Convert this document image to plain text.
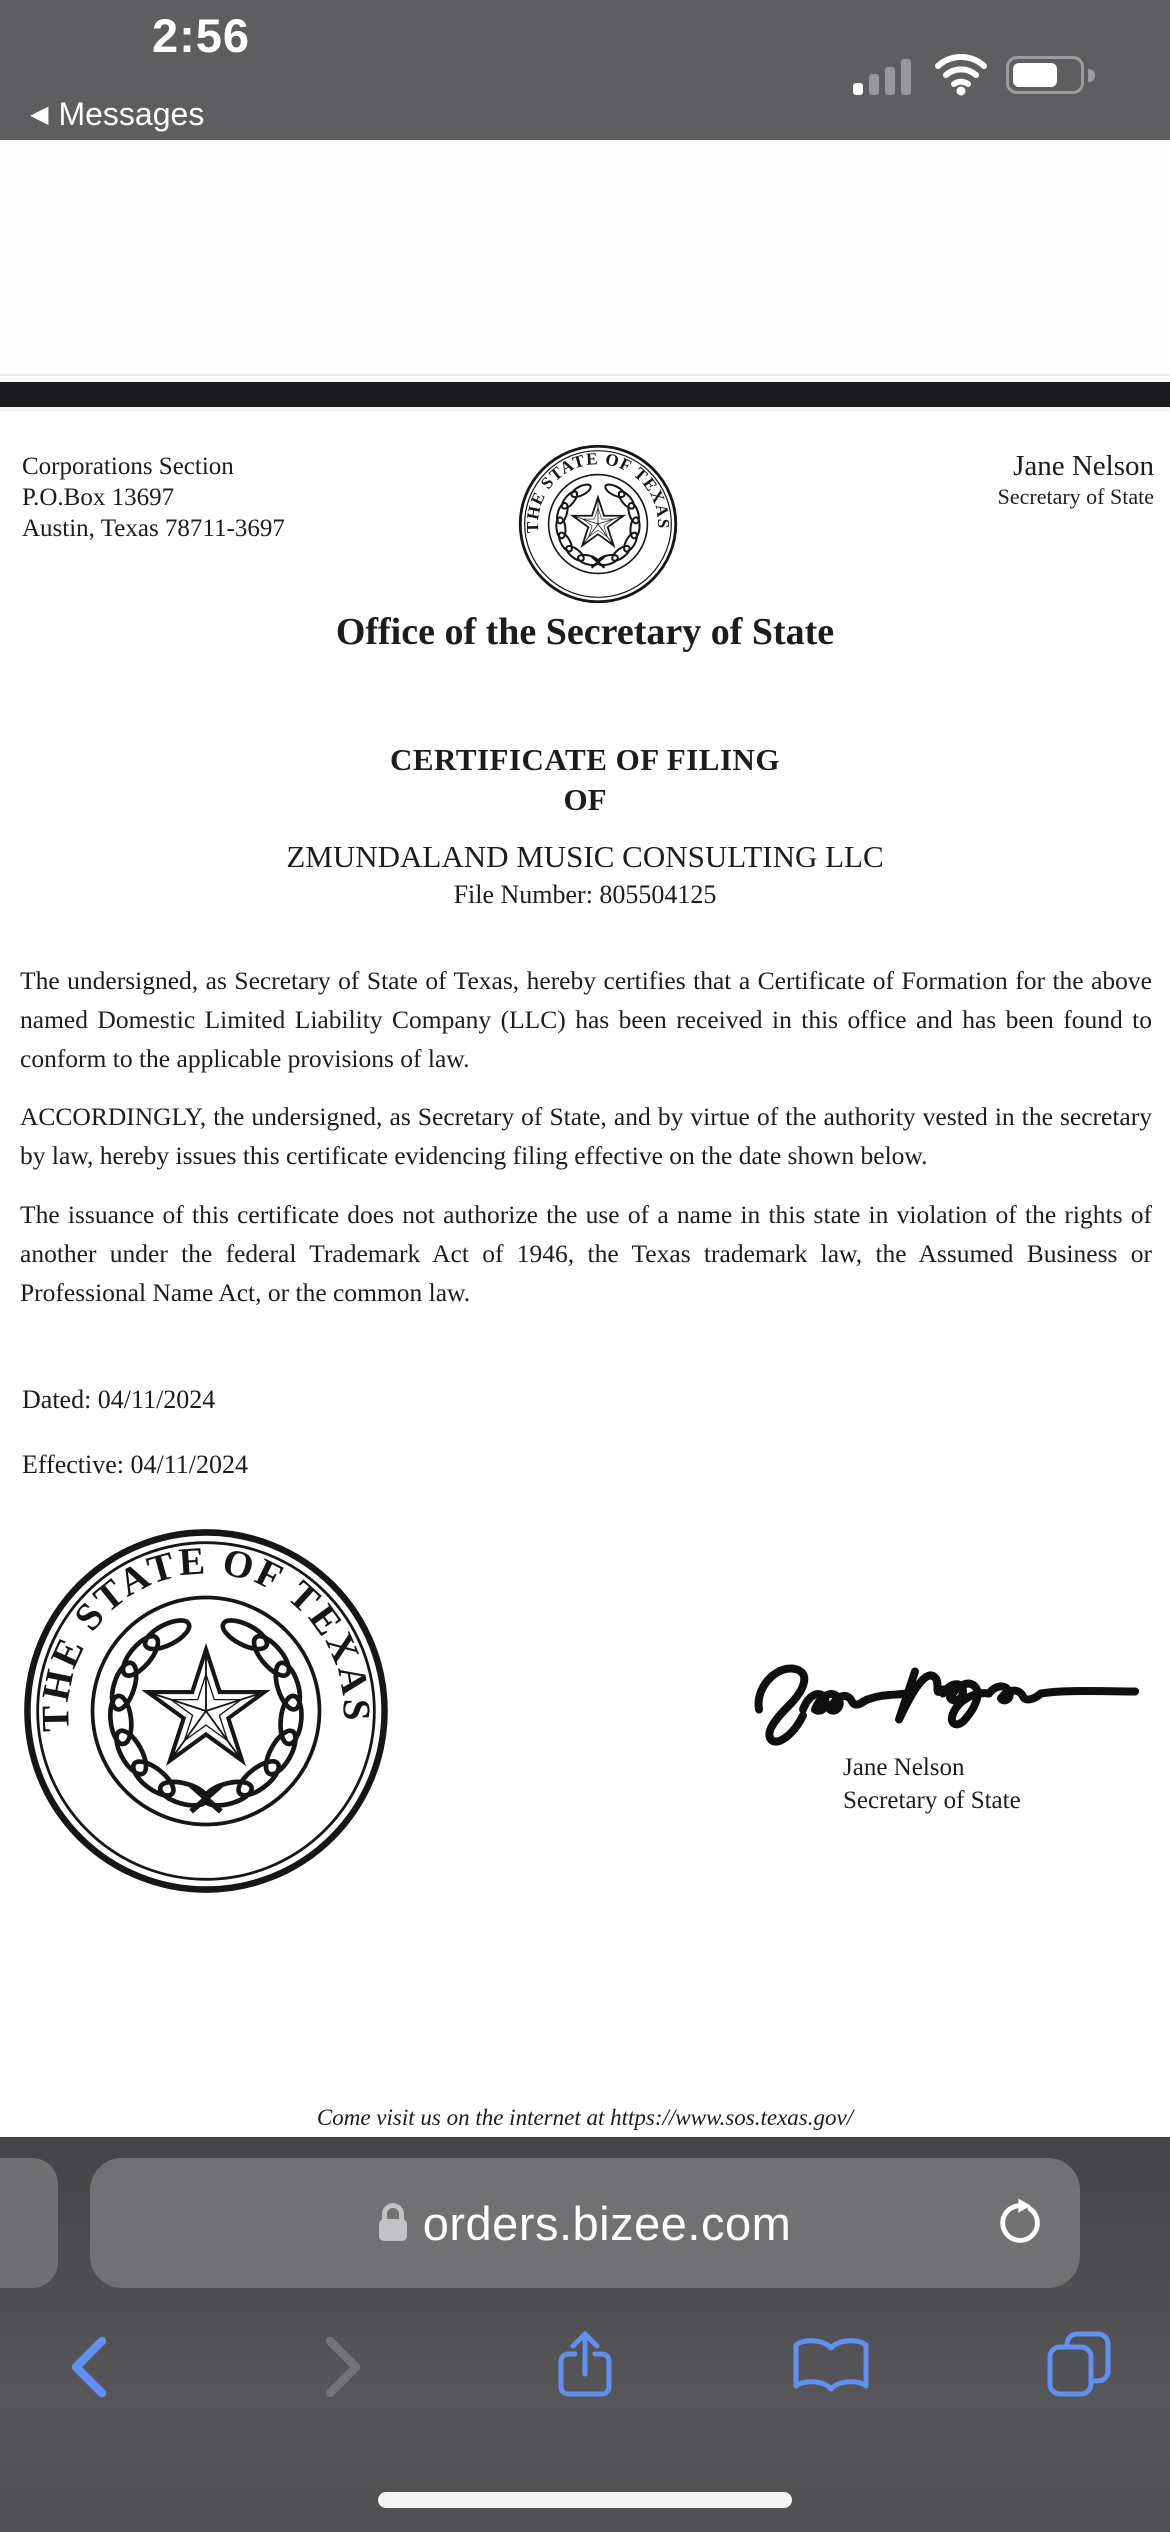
2:56
◀ Messages
Corporations Section
P.O.Box 13697
Austin, Texas 78711-3697
Jane Nelson
Secretary of State
Office of the Secretary of State
CERTIFICATE OF FILING
OF
ZMUNDALAND MUSIC CONSULTING LLC
File Number: 805504125
The undersigned, as Secretary of State of Texas, hereby certifies that a Certificate of Formation for the above named Domestic Limited Liability Company (LLC) has been received in this office and has been found to conform to the applicable provisions of law.
ACCORDINGLY, the undersigned, as Secretary of State, and by virtue of the authority vested in the secretary by law, hereby issues this certificate evidencing filing effective on the date shown below.
The issuance of this certificate does not authorize the use of a name in this state in violation of the rights of another under the federal Trademark Act of 1946, the Texas trademark law, the Assumed Business or Professional Name Act, or the common law.
Dated: 04/11/2024
Effective: 04/11/2024
Jane Nelson
Secretary of State
Come visit us on the internet at https://www.sos.texas.gov/
orders.bizee.com
